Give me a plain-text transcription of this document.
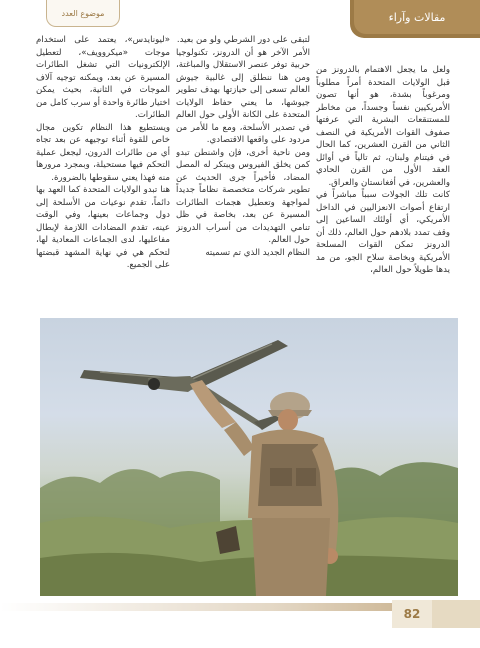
مقالات وآراء
موضوع العدد

ولعل ما يجعل الاهتمام بالدرونز من قبل الولايات المتحدة أمراً مطلوباً ومرغوباً بشدة، هو أنها تصون الأمريكيين نفساً وجسداً، من مخاطر للمستنقعات البشرية التي عرفتها صفوف القوات الأمريكية في النصف الثاني من القرن العشرين، كما الحال في فيتنام ولبنان، ثم تالياً في أوائل العقد الأول من القرن الحادي والعشرين، في أفغانستان والعراق.

كانت تلك الجولات سبباً مباشراً في ارتفاع أصوات الانعزاليين في الداخل الأمريكي، أي أولئك الساعين إلى وقف تمدد بلادهم حول العالم، ذلك أن الدرونز تمكن القوات المسلحة الأمريكية وبخاصة سلاح الجو، من مد يدها طويلاً حول العالم،

لتبقى على دور الشرطي ولو من بعيد.

الأمر الآخر هو أن الدرونز، تكنولوجيا حربية توفر عنصر الاستقلال والمباغتة، ومن هنا ننطلق إلى غالبية جيوش العالم تسعى إلى حيازتها بهدف تطوير جيوشها، ما يعني حفاظ الولايات المتحدة على الكانة الأولى حول العالم في تصدير الأسلحة، ومع ما للأمر من مردود على واقعها الاقتصادي.

ومن ناحية أخرى، فإن واشنطن تبدو كمن يخلق الفيروس ويبتكر له المصل المضاد، فأخيراً جرى الحديث عن تطوير شركات متخصصة نظاماً جديداً لمواجهة وتعطيل هجمات الطائرات المسيرة عن بعد، بخاصة في ظل تنامي التهديدات من أسراب الدرونز حول العالم.

النظام الجديد الذي تم تسميته

«ليونايدس»، يعتمد على استخدام موجات «ميكروويف»، لتعطيل الإلكترونيات التي تشغل الطائرات المسيرة عن بعد، ويمكنه توجيه آلاف الموجات في الثانية، بحيث يمكن اختيار طائرة واحدة أو سرب كامل من الطائرات.

ويستطيع هذا النظام تكوين مجال خاص للقوة أثناء توجيهه عن بعد تجاه أي من طائرات الدرون، ليجعل عملية التحكم فيها مستحيلة، وبمجرد مرورها منه فهذا يعني سقوطها بالضرورة.

هنا تبدو الولايات المتحدة كما العهد بها دائماً، تقدم نوعيات من الأسلحة إلى دول وجماعات بعينها، وفي الوقت عينه، تقدم المضادات اللازمة لإبطال مفاعليها، لدى الجماعات المعادية لها، لتحكم هي في نهاية المشهد قبضتها على الجميع.

82
